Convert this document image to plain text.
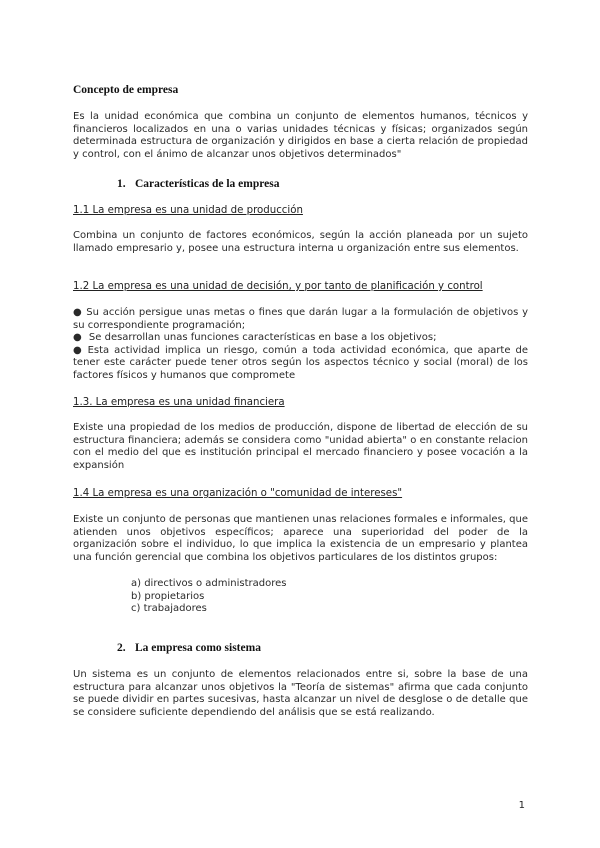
Concepto de empresa
Es la unidad económica que combina un conjunto de elementos humanos, técnicos y financieros localizados en una o varias unidades técnicas y físicas; organizados según determinada estructura de organización y dirigidos en base a cierta relación de propiedad y control, con el ánimo de alcanzar unos objetivos determinados"
1. Características de la empresa
1.1 La empresa es una unidad de producción
Combina un conjunto de factores económicos, según la acción planeada por un sujeto llamado empresario y, posee una estructura interna u organización entre sus elementos.
1.2 La empresa es una unidad de decisión, y por tanto de planificación y control
● Su acción persigue unas metas o fines que darán lugar a la formulación de objetivos y su correspondiente programación;
● Se desarrollan unas funciones características en base a los objetivos;
● Esta actividad implica un riesgo, común a toda actividad económica, que aparte de tener este carácter puede tener otros según los aspectos técnico y social (moral) de los factores físicos y humanos que compromete
1.3. La empresa es una unidad financiera
Existe una propiedad de los medios de producción, dispone de libertad de elección de su estructura financiera; además se considera como "unidad abierta" o en constante relacion con el medio del que es institución principal el mercado financiero y posee vocación a la expansión
1.4 La empresa es una organización o "comunidad de intereses"
Existe un conjunto de personas que mantienen unas relaciones formales e informales, que atienden unos objetivos específicos; aparece una superioridad del poder de la organización sobre el individuo, lo que implica la existencia de un empresario y plantea una función gerencial que combina los objetivos particulares de los distintos grupos:
a) directivos o administradores
b) propietarios
c) trabajadores
2. La empresa como sistema
Un sistema es un conjunto de elementos relacionados entre si, sobre la base de una estructura para alcanzar unos objetivos la "Teoría de sistemas" afirma que cada conjunto se puede dividir en partes sucesivas, hasta alcanzar un nivel de desglose o de detalle que se considere suficiente dependiendo del análisis que se está realizando.
1
